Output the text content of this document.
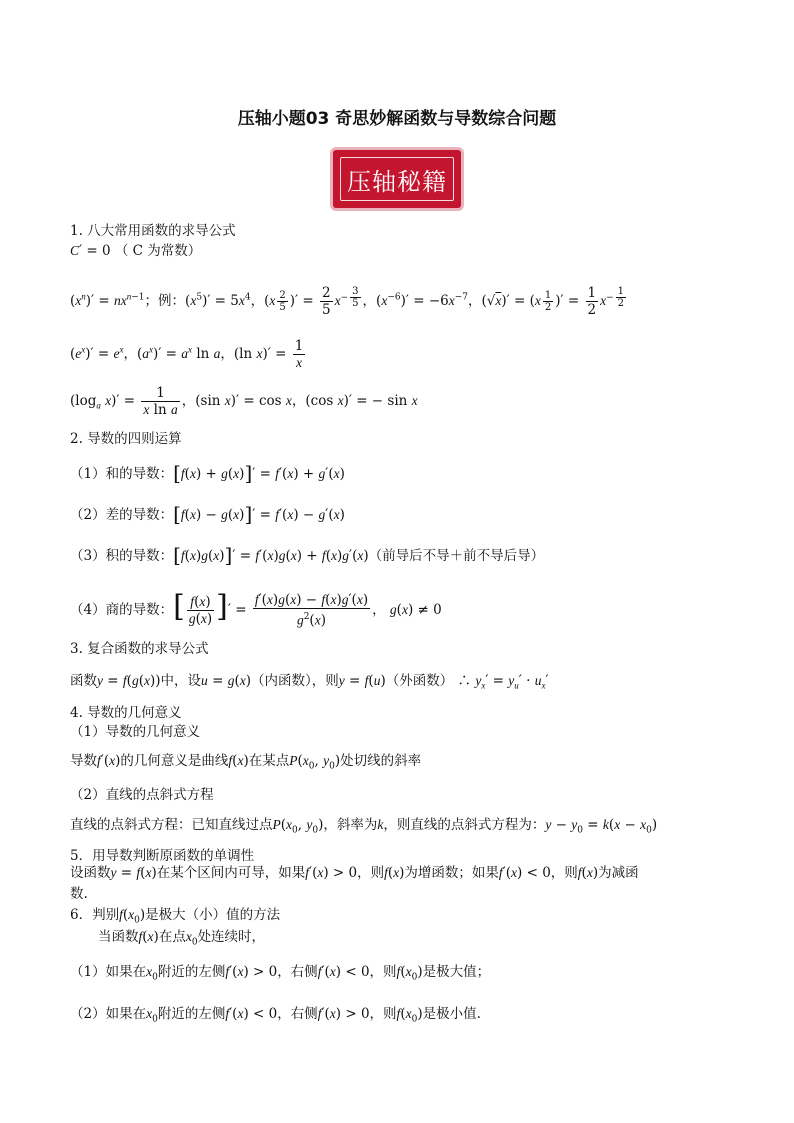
压轴小题03 奇思妙解函数与导数综合问题
压轴秘籍
1. 八大常用函数的求导公式
C′ = 0 （ C 为常数）
$(x^n)' = nx^{n-1}$；例：$(x^5)' = 5x^4$，($x \frac{2}{5}$ )′ = $\frac{2}{5} x^{- \frac{3}{5}}$ ，$(x^{-6})' = -6x^{-7}$，$(√x)' = (x \frac{1}{2}$ )′ = $\frac{1}{2} x^{- \frac{1}{2}}$
$(e^x)' = e^x$，$(a^x)' = a^x$ ln a，(ln $x)' = \frac{1}{x}$
($\log_a$ $x)' = \frac{1}{\text{x ln a}}$ ，(sin x)′ = cos x，(cos x)′ = − sin x
2. 导数的四则运算
（1）和的导数：[f(x) + g(x)]′ = f′(x) + g′(x)
（2）差的导数：[f(x) − g(x)]′ = f′(x) − g′(x)
（3）积的导数：[f(x)g(x)]′ = f′(x)g(x) + f(x)g′(x)（前导后不导＋前不导后导）
（4）商的导数：[ $\frac{f(x)}{g(x)}$ ]′ = $\frac{f'(x)g(x) - f(x)g'(x)}{g^2(x)}$ ， g(x) ≠ 0
3. 复合函数的求导公式
函数y = f(g(x))中，设u = g(x)（内函数），则y = f(u)（外函数） ∴ $y_x' = y_u' \cdot u_x'$
4. 导数的几何意义
（1）导数的几何意义
导数f′(x)的几何意义是曲线f(x)在某点$P(x_0$, $y_0$)处切线的斜率
（2）直线的点斜式方程
直线的点斜式方程：已知直线过点$P(x_0$, $y_0$)，斜率为k，则直线的点斜式方程为：$y - y_0 = k(x - x_0)$
5．用导数判断原函数的单调性
设函数y = f(x)在某个区间内可导，如果f′(x) > 0，则f(x)为增函数；如果f′(x) < 0，则f(x)为减函
数.
6．判别$f(x_0)$是极大（小）值的方法
当函数f(x)在点$x_0$处连续时，
（1）如果在$x_0$附近的左侧f′(x) > 0，右侧f′(x) < 0，则$f(x_0)$是极大值；
（2）如果在$x_0$附近的左侧f′(x) < 0，右侧f′(x) > 0，则$f(x_0)$是极小值.
